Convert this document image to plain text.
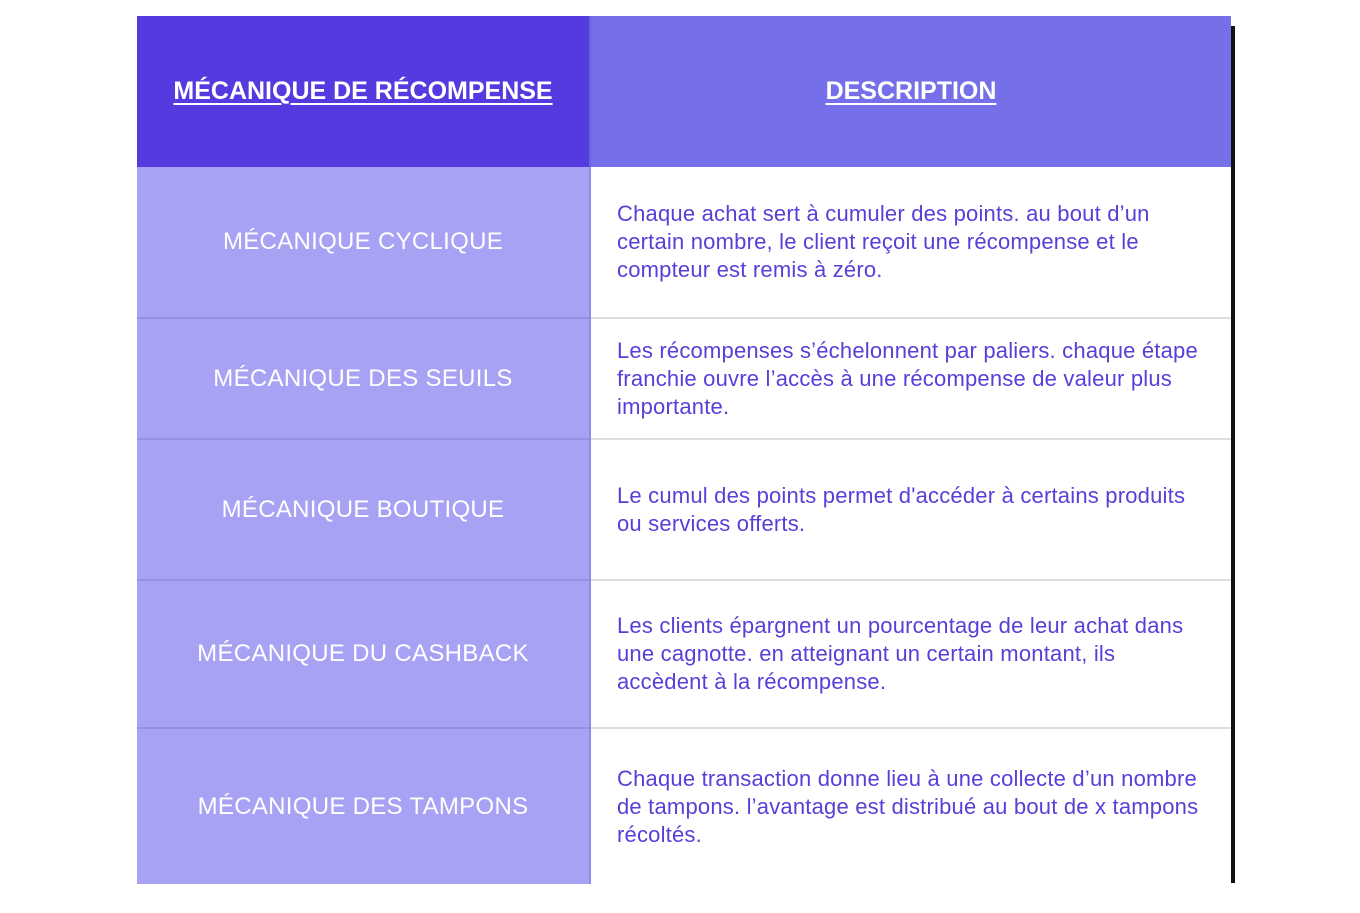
MÉCANIQUE DE RÉCOMPENSE	DESCRIPTION
MÉCANIQUE CYCLIQUE	Chaque achat sert à cumuler des points. au bout d’un certain nombre, le client reçoit une récompense et le compteur est remis à zéro.
MÉCANIQUE DES SEUILS	Les récompenses s’échelonnent par paliers. chaque étape franchie ouvre l’accès à une récompense de valeur plus importante.
MÉCANIQUE BOUTIQUE	Le cumul des points permet d'accéder à certains produits ou services offerts.
MÉCANIQUE DU CASHBACK	Les clients épargnent un pourcentage de leur achat dans une cagnotte. en atteignant un certain montant, ils accèdent à la récompense.
MÉCANIQUE DES TAMPONS	Chaque transaction donne lieu à une collecte d’un nombre de tampons. l’avantage est distribué au bout de x tampons récoltés.
